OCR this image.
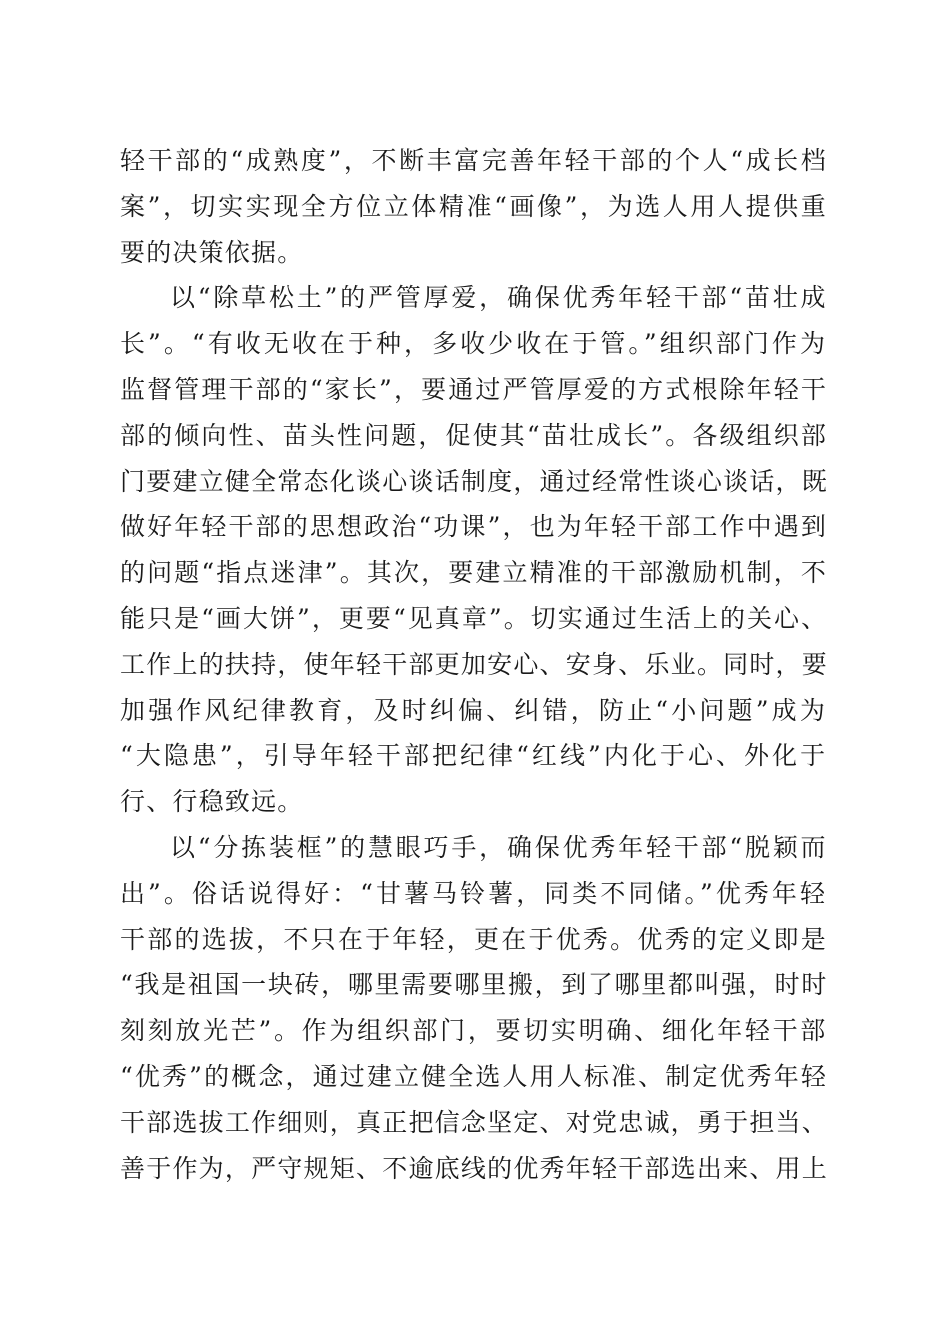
轻干部的“成熟度”，不断丰富完善年轻干部的个人“成长档
案”，切实实现全方位立体精准“画像”，为选人用人提供重
要的决策依据。
以“除草松土”的严管厚爱，确保优秀年轻干部“苗壮成
长”。“有收无收在于种，多收少收在于管。”组织部门作为
监督管理干部的“家长”，要通过严管厚爱的方式根除年轻干
部的倾向性、苗头性问题，促使其“苗壮成长”。各级组织部
门要建立健全常态化谈心谈话制度，通过经常性谈心谈话，既
做好年轻干部的思想政治“功课”，也为年轻干部工作中遇到
的问题“指点迷津”。其次，要建立精准的干部激励机制，不
能只是“画大饼”，更要“见真章”。切实通过生活上的关心、
工作上的扶持，使年轻干部更加安心、安身、乐业。同时，要
加强作风纪律教育，及时纠偏、纠错，防止“小问题”成为
“大隐患”，引导年轻干部把纪律“红线”内化于心、外化于
行、行稳致远。
以“分拣装框”的慧眼巧手，确保优秀年轻干部“脱颖而
出”。俗话说得好：“甘薯马铃薯，同类不同储。”优秀年轻
干部的选拔，不只在于年轻，更在于优秀。优秀的定义即是
“我是祖国一块砖，哪里需要哪里搬，到了哪里都叫强，时时
刻刻放光芒”。作为组织部门，要切实明确、细化年轻干部
“优秀”的概念，通过建立健全选人用人标准、制定优秀年轻
干部选拔工作细则，真正把信念坚定、对党忠诚，勇于担当、
善于作为，严守规矩、不逾底线的优秀年轻干部选出来、用上
